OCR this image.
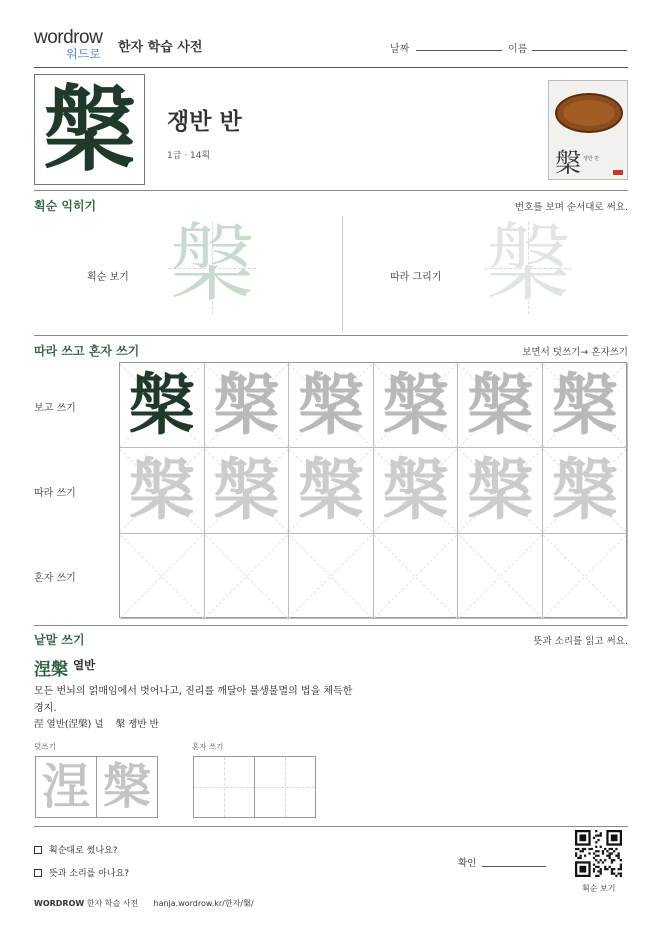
wordrow
워드로 한자 학습 사전	날짜	이름
槃 쟁반 반
1급 · 14획	槃 쟁반 반
획순 익히기	번호를 보며 순서대로 써요.
획순 보기 槃	따라 그리기 槃
따라 쓰고 혼자 쓰기	보면서 덧쓰기→ 혼자쓰기
보고 쓰기
따라 쓰기
혼자 쓰기
槃 槃 槃 槃 槃 槃
槃 槃 槃 槃 槃 槃
낱말 쓰기	뜻과 소리를 읽고 써요.
涅槃 열반
모든 번뇌의 얽매임에서 벗어나고, 진리를 깨달아 불생불멸의 법을 체득한 경지.
涅 열반(涅槃) 녈 槃 쟁반 반
덧쓰기	혼자 쓰기
涅 槃
획순대로 썼나요?
뜻과 소리를 아나요?
확인
획순 보기
WORDROW 한자 학습 사전 hanja.wordrow.kr/한자/槃/
